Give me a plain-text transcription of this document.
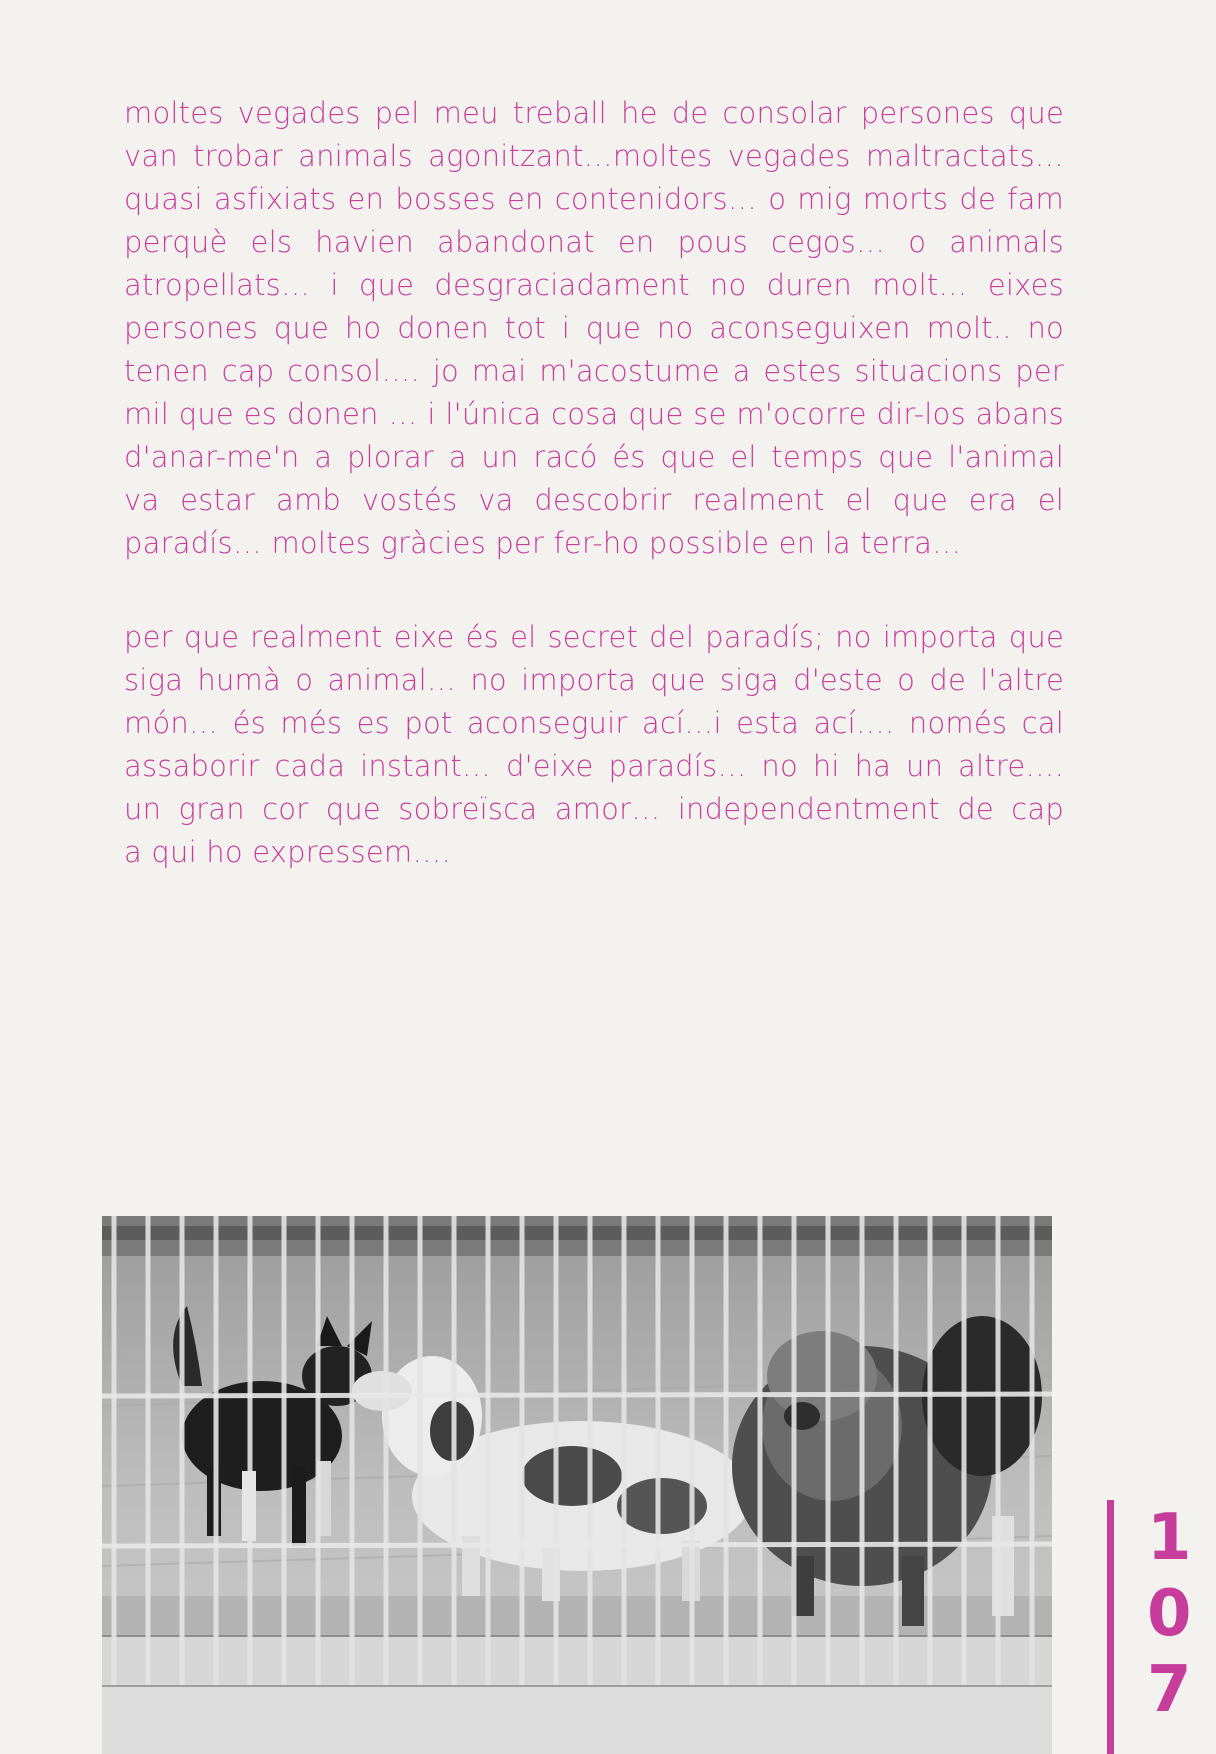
moltes vegades pel meu treball he de consolar persones que
van trobar animals agonitzant…moltes vegades maltractats…
quasi asfixiats en bosses en contenidors… o mig morts de fam
perquè els havien abandonat en pous cegos… o animals
atropellats… i que desgraciadament no duren molt… eixes
persones que ho donen tot i que no aconseguixen molt.. no
tenen cap consol…. jo mai m'acostume a estes situacions per
mil que es donen … i l'única cosa que se m'ocorre dir-los abans
d'anar-me'n a plorar a un racó és que el temps que l'animal
va estar amb vostés va descobrir realment el que era el
paradís… moltes gràcies per fer-ho possible en la terra…
per que realment eixe és el secret del paradís; no importa que
siga humà o animal… no importa que siga d'este o de l'altre
món… és més es pot aconseguir ací…i esta ací…. només cal
assaborir cada instant… d'eixe paradís… no hi ha un altre….
un gran cor que sobreïsca amor… independentment de cap
a qui ho expressem….
1
0
7
